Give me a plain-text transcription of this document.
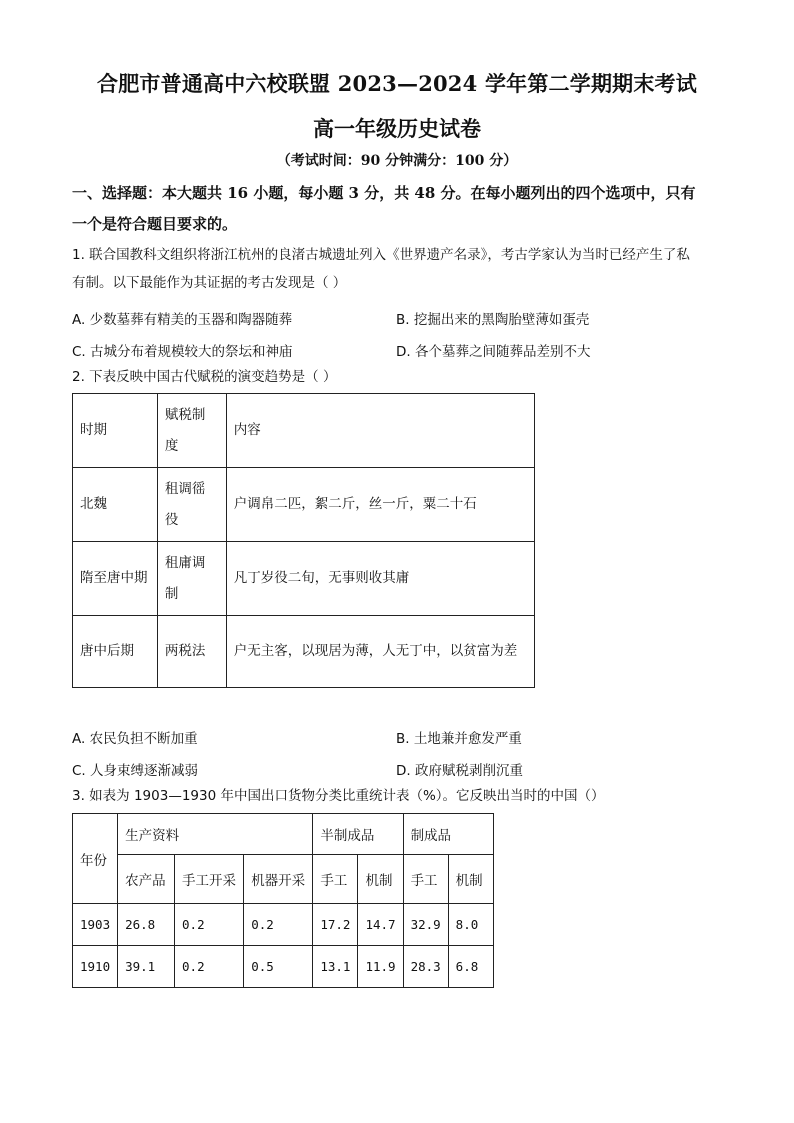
合肥市普通高中六校联盟 2023—2024 学年第二学期期末考试
高一年级历史试卷
（考试时间：90 分钟满分：100 分）
一、选择题：本大题共 16 小题，每小题 3 分，共 48 分。在每小题列出的四个选项中，只有
一个是符合题目要求的。
1. 联合国教科文组织将浙江杭州的良渚古城遗址列入《世界遗产名录》，考古学家认为当时已经产生了私
有制。以下最能作为其证据的考古发现是（ ）
A. 少数墓葬有精美的玉器和陶器随葬	B. 挖掘出来的黑陶胎壁薄如蛋壳
C. 古城分布着规模较大的祭坛和神庙	D. 各个墓葬之间随葬品差别不大
2. 下表反映中国古代赋税的演变趋势是（ ）
时期	赋税制度	内容
北魏	租调徭役	户调帛二匹，絮二斤，丝一斤，粟二十石
隋至唐中期	租庸调制	凡丁岁役二旬，无事则收其庸
唐中后期	两税法	户无主客，以现居为薄，人无丁中，以贫富为差
A. 农民负担不断加重	B. 土地兼并愈发严重
C. 人身束缚逐渐减弱	D. 政府赋税剥削沉重
3. 如表为 1903—1930 年中国出口货物分类比重统计表（%）。它反映出当时的中国（）
年份	生产资料			半制成品		制成品	
	农产品	手工开采	机器开采	手工	机制	手工	机制
1903	26.8	0.2	0.2	17.2	14.7	32.9	8.0
1910	39.1	0.2	0.5	13.1	11.9	28.3	6.8
